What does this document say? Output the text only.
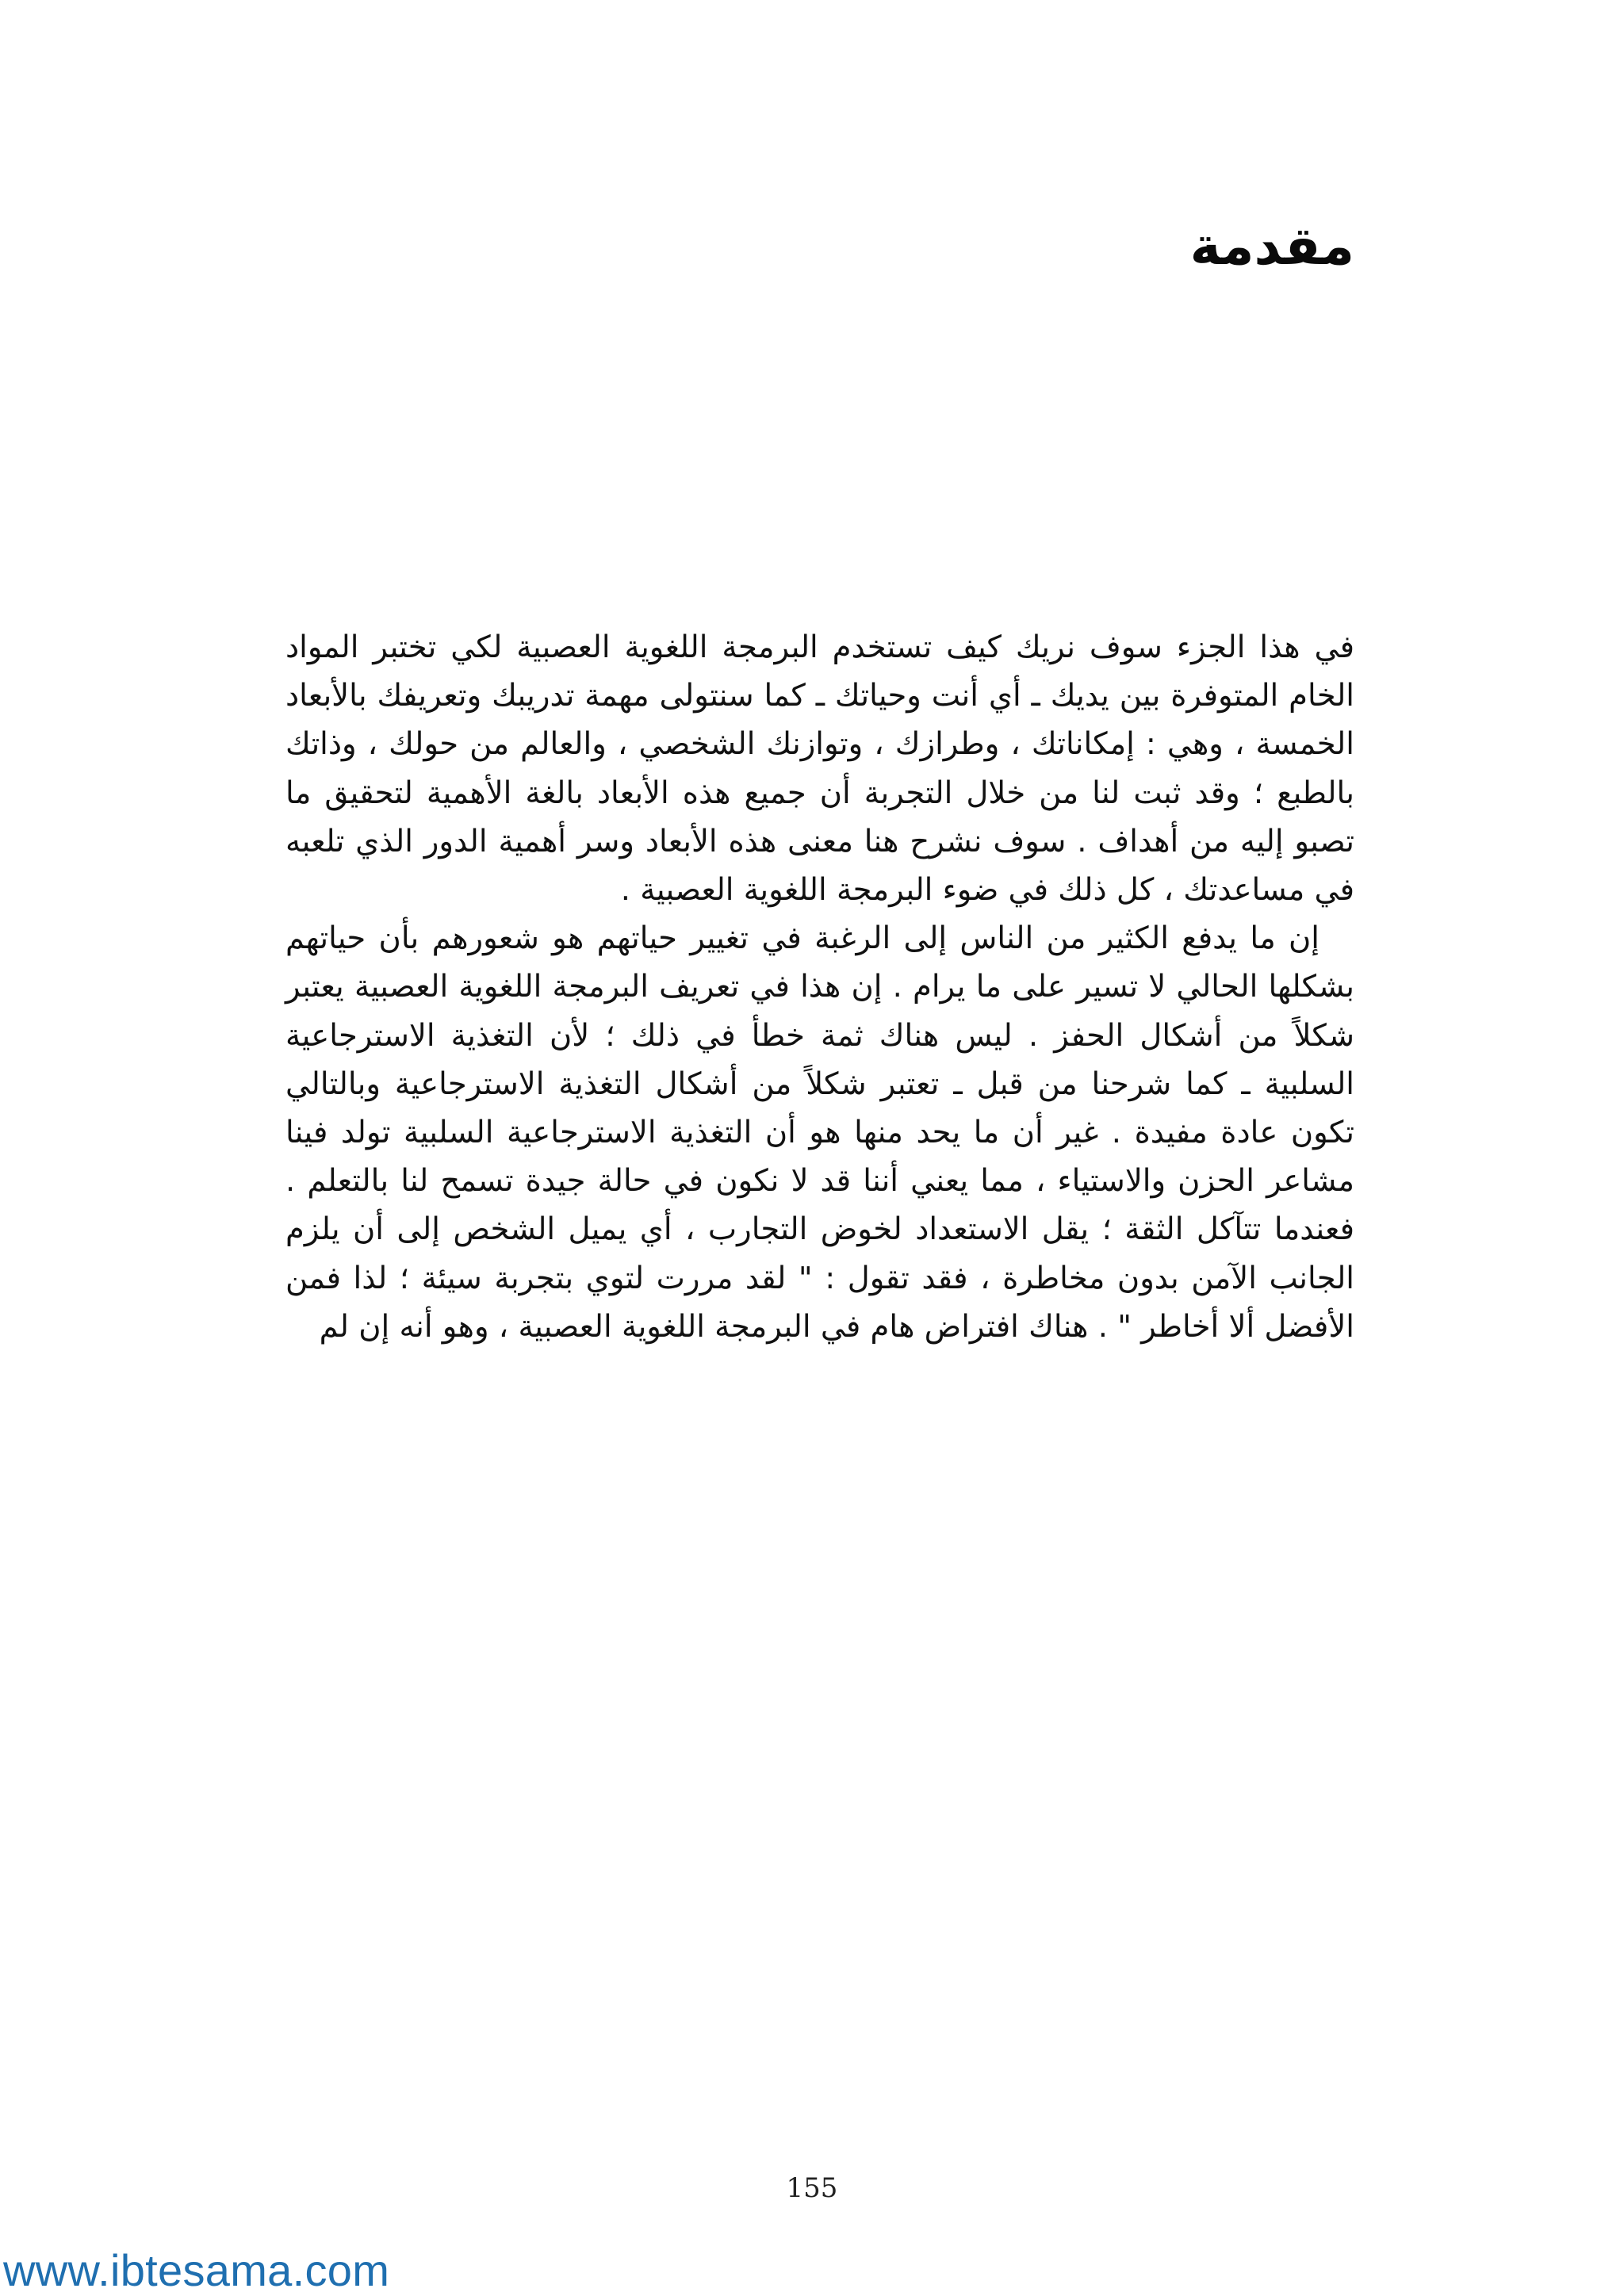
مقدمة

في هذا الجزء سوف نريك كيف تستخدم البرمجة اللغوية العصبية لكي تختبر المواد الخام المتوفرة بين يديك ـ أي أنت وحياتك ـ كما سنتولى مهمة تدريبك وتعريفك بالأبعاد الخمسة ، وهي : إمكاناتك ، وطرازك ، وتوازنك الشخصي ، والعالم من حولك ، وذاتك بالطبع ؛ وقد ثبت لنا من خلال التجربة أن جميع هذه الأبعاد بالغة الأهمية لتحقيق ما تصبو إليه من أهداف . سوف نشرح هنا معنى هذه الأبعاد وسر أهمية الدور الذي تلعبه في مساعدتك ، كل ذلك في ضوء البرمجة اللغوية العصبية .

إن ما يدفع الكثير من الناس إلى الرغبة في تغيير حياتهم هو شعورهم بأن حياتهم بشكلها الحالي لا تسير على ما يرام . إن هذا في تعريف البرمجة اللغوية العصبية يعتبر شكلاً من أشكال الحفز . ليس هناك ثمة خطأ في ذلك ؛ لأن التغذية الاسترجاعية السلبية ـ كما شرحنا من قبل ـ تعتبر شكلاً من أشكال التغذية الاسترجاعية وبالتالي تكون عادة مفيدة . غير أن ما يحد منها هو أن التغذية الاسترجاعية السلبية تولد فينا مشاعر الحزن والاستياء ، مما يعني أننا قد لا نكون في حالة جيدة تسمح لنا بالتعلم . فعندما تتآكل الثقة ؛ يقل الاستعداد لخوض التجارب ، أي يميل الشخص إلى أن يلزم الجانب الآمن بدون مخاطرة ، فقد تقول : " لقد مررت لتوي بتجربة سيئة ؛ لذا فمن الأفضل ألا أخاطر " . هناك افتراض هام في البرمجة اللغوية العصبية ، وهو أنه إن لم

155

www.ibtesama.com
